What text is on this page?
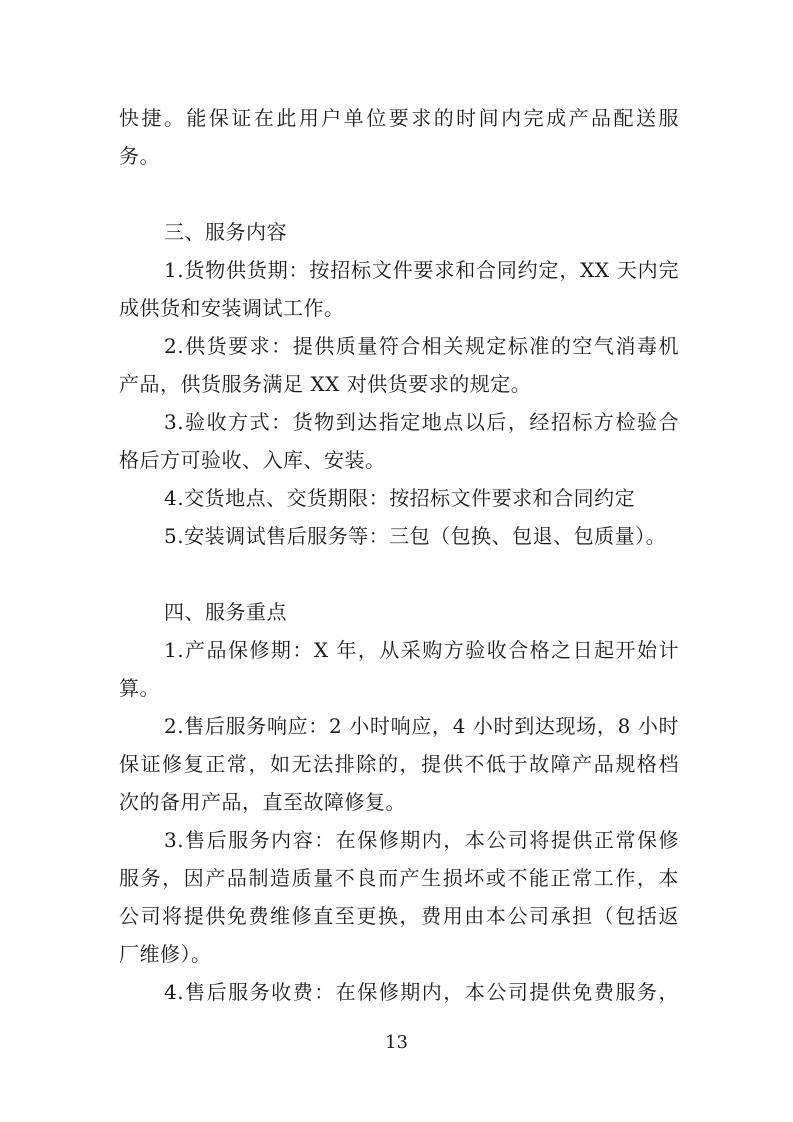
快捷。能保证在此用户单位要求的时间内完成产品配送服
务。
三、服务内容
1.货物供货期：按招标文件要求和合同约定，XX 天内完
成供货和安装调试工作。
2.供货要求：提供质量符合相关规定标准的空气消毒机
产品，供货服务满足 XX 对供货要求的规定。
3.验收方式：货物到达指定地点以后，经招标方检验合
格后方可验收、入库、安装。
4.交货地点、交货期限：按招标文件要求和合同约定
5.安装调试售后服务等：三包（包换、包退、包质量）。
四、服务重点
1.产品保修期：X 年，从采购方验收合格之日起开始计
算。
2.售后服务响应：2 小时响应，4 小时到达现场，8 小时
保证修复正常，如无法排除的，提供不低于故障产品规格档
次的备用产品，直至故障修复。
3.售后服务内容：在保修期内，本公司将提供正常保修
服务，因产品制造质量不良而产生损坏或不能正常工作，本
公司将提供免费维修直至更换，费用由本公司承担（包括返
厂维修）。
4.售后服务收费：在保修期内，本公司提供免费服务，
13
